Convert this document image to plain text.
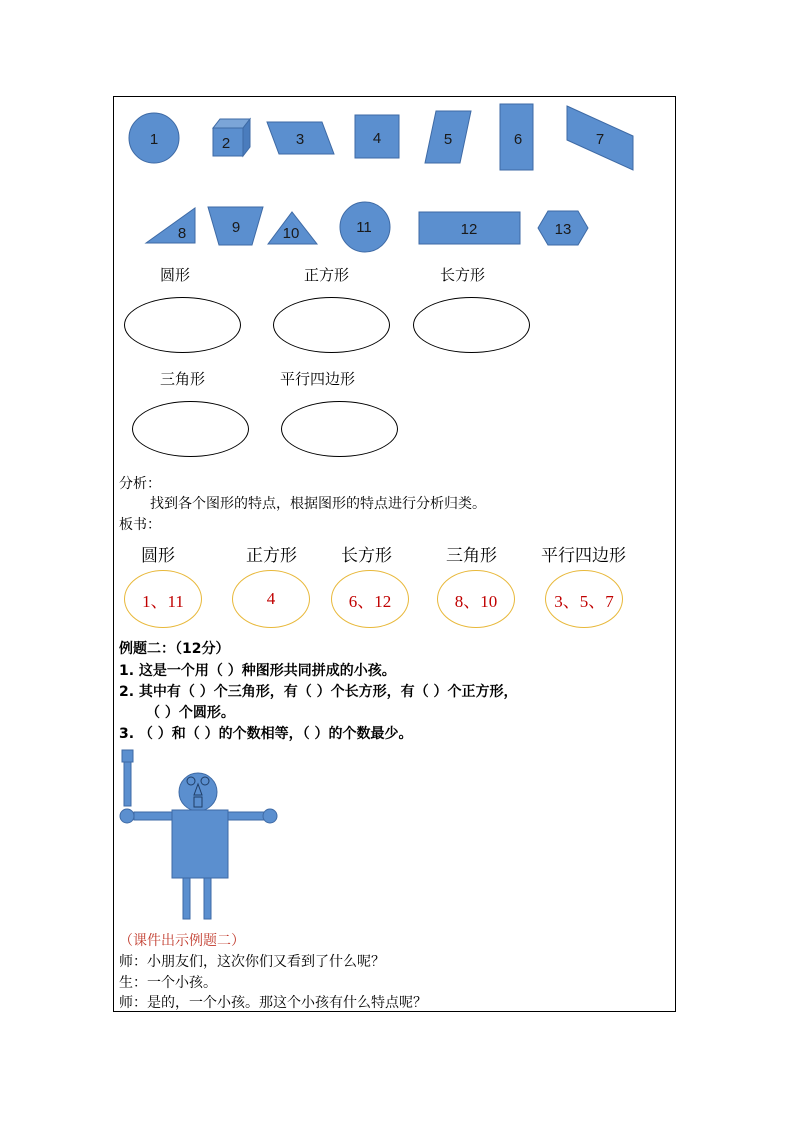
1	2	3	4	5	6	7
8	9	10	11	12	13
圆形	正方形	长方形
三角形	平行四边形
分析：
找到各个图形的特点，根据图形的特点进行分析归类。
板书：
圆形	正方形	长方形	三角形	平行四边形
1、11	4	6、12	8、10	3、5、7
例题二：（12分）
1. 这是一个用（ ）种图形共同拼成的小孩。
2. 其中有（ ）个三角形，有（ ）个长方形，有（ ）个正方形，
（ ）个圆形。
3. （ ）和（ ）的个数相等，（ ）的个数最少。
（课件出示例题二）
师：小朋友们，这次你们又看到了什么呢？
生：一个小孩。
师：是的，一个小孩。那这个小孩有什么特点呢？
